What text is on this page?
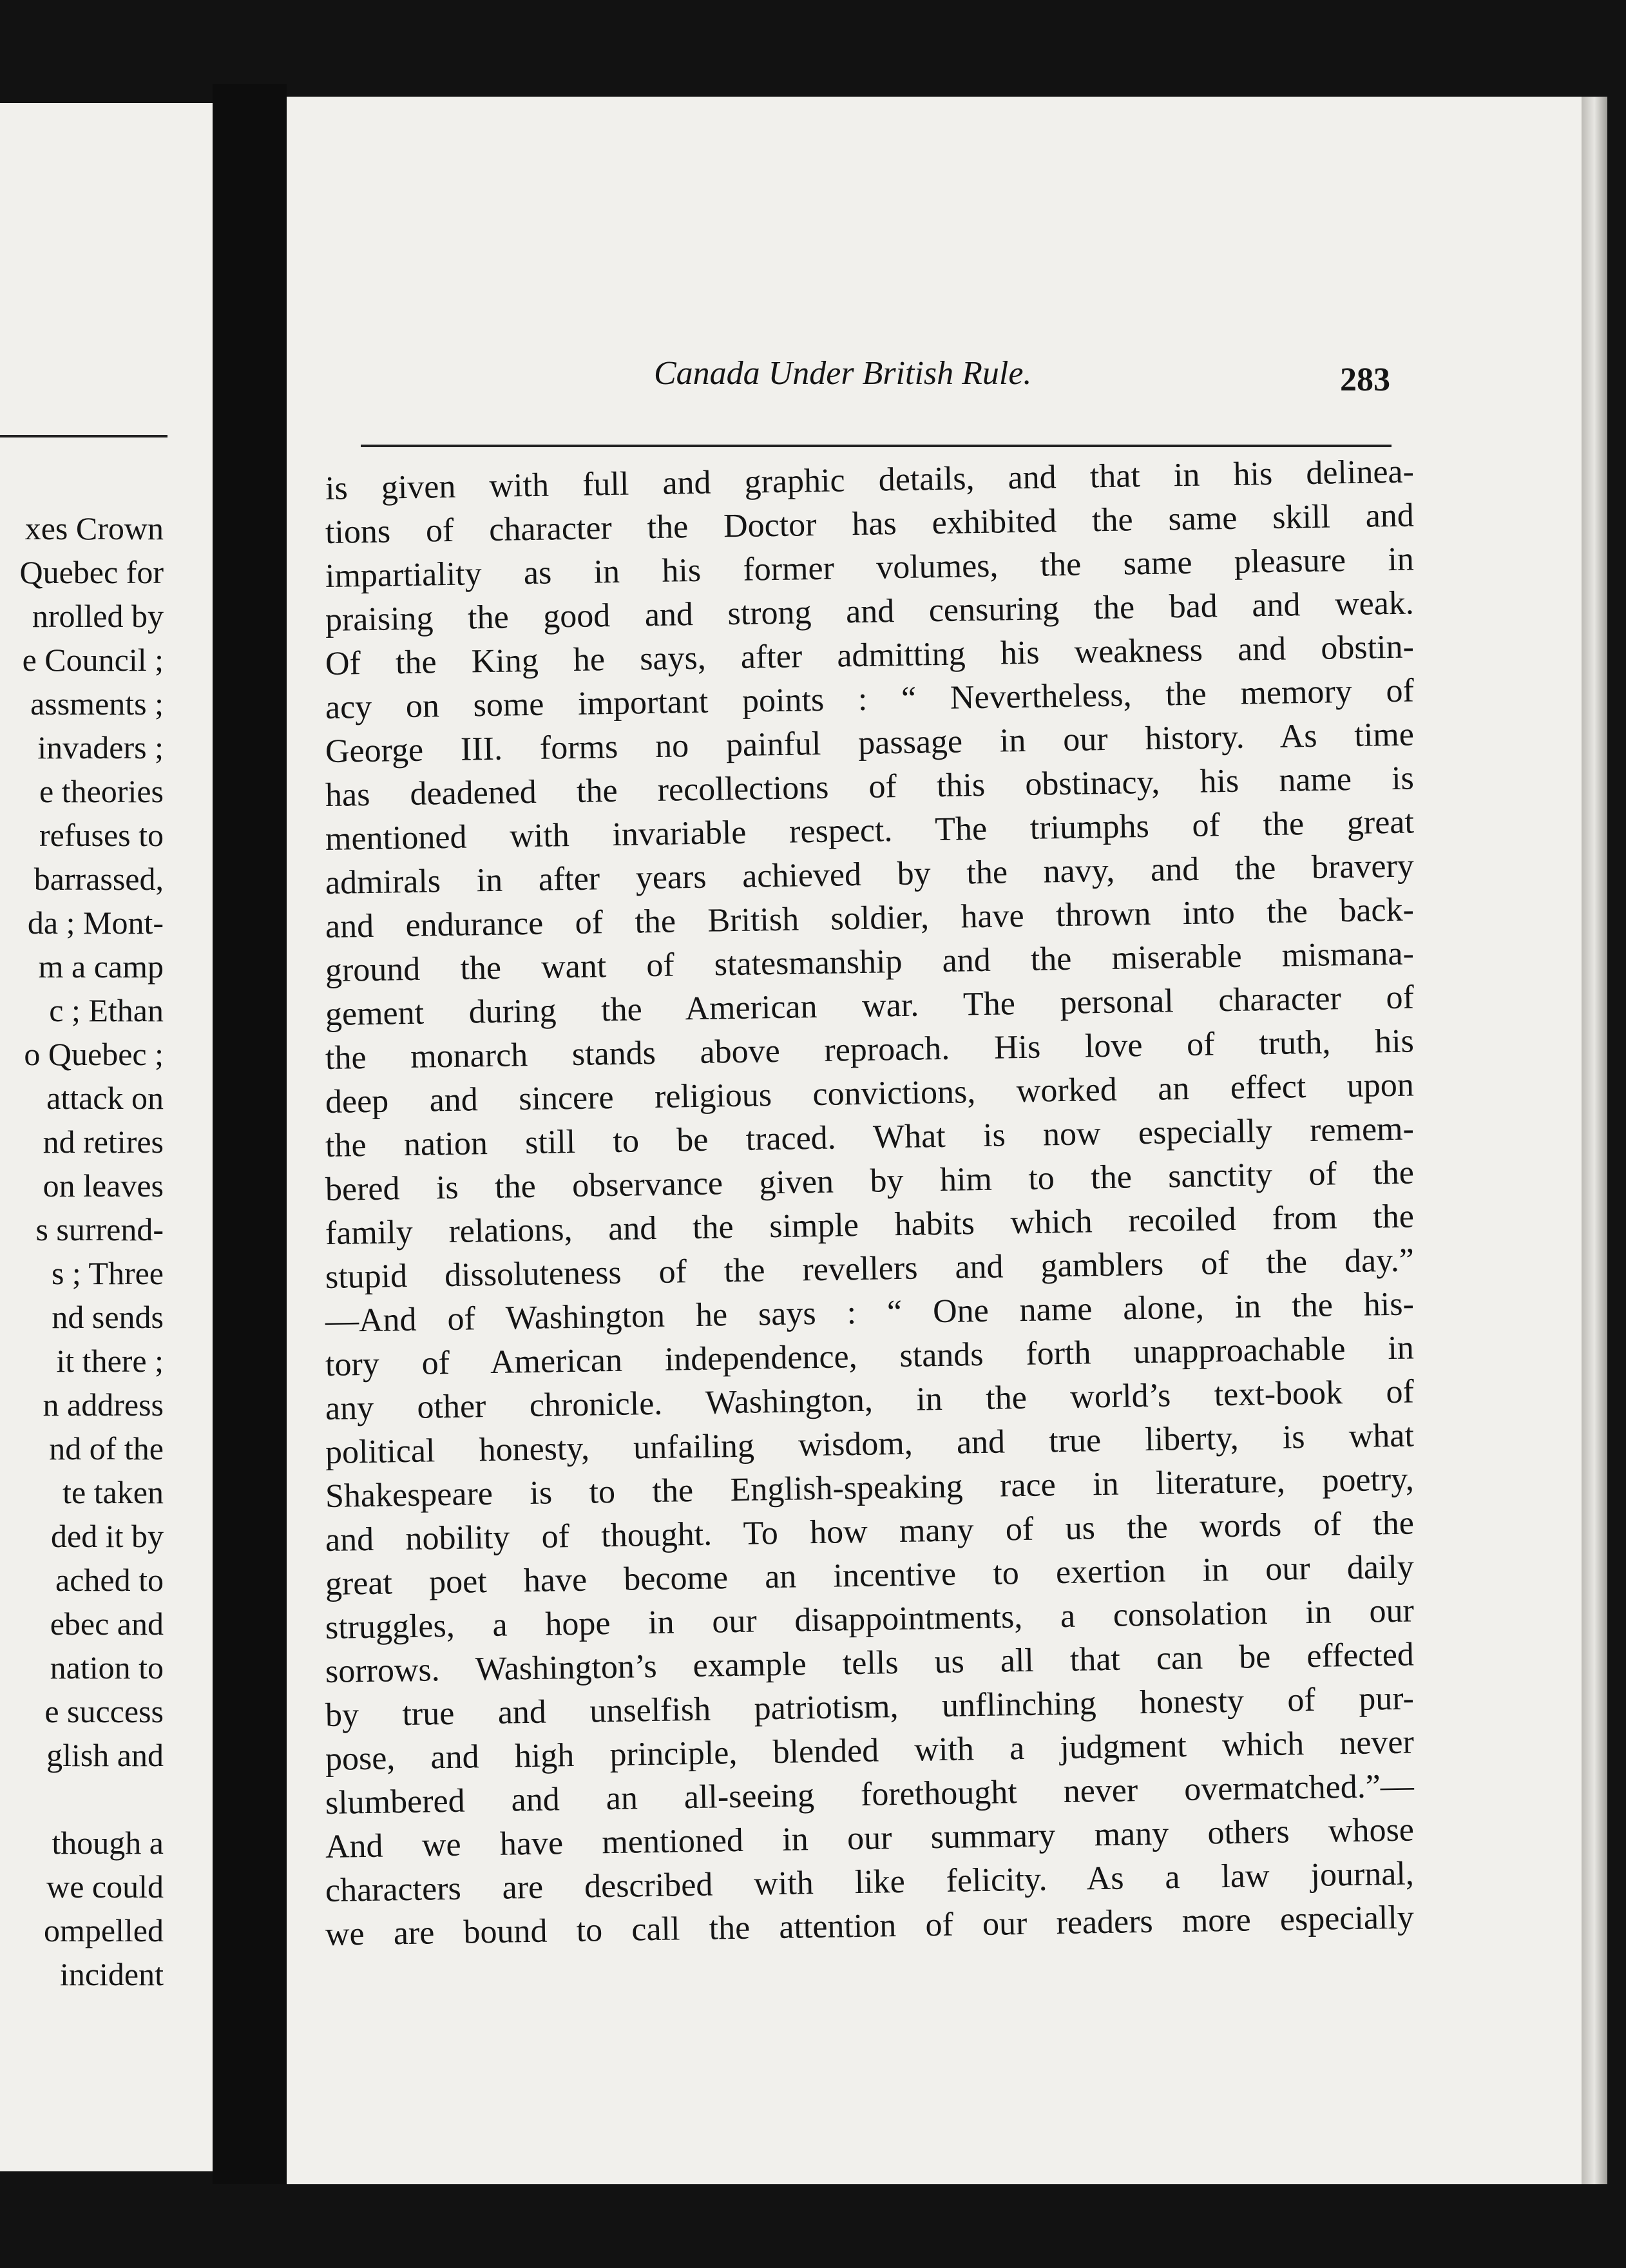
xes Crown
Quebec for
nrolled by
e Council ;
assments ;
invaders ;
e theories
refuses to
barrassed,
da ; Mont-
m a camp
c ; Ethan
o Quebec ;
attack on
nd retires
on leaves
s surrend-
s ; Three
nd sends
it there ;
n address
nd of the
te taken
ded it by
ached to
ebec and
nation to
e success
glish and
though a
we could
ompelled
incident
Canada Under British Rule.	283
is given with full and graphic details, and that in his delinea-
tions of character the Doctor has exhibited the same skill and
impartiality as in his former volumes, the same pleasure in
praising the good and strong and censuring the bad and weak.
Of the King he says, after admitting his weakness and obstin-
acy on some important points : “ Nevertheless, the memory of
George III. forms no painful passage in our history. As time
has deadened the recollections of this obstinacy, his name is
mentioned with invariable respect. The triumphs of the great
admirals in after years achieved by the navy, and the bravery
and endurance of the British soldier, have thrown into the back-
ground the want of statesmanship and the miserable mismana-
gement during the American war. The personal character of
the monarch stands above reproach. His love of truth, his
deep and sincere religious convictions, worked an effect upon
the nation still to be traced. What is now especially remem-
bered is the observance given by him to the sanctity of the
family relations, and the simple habits which recoiled from the
stupid dissoluteness of the revellers and gamblers of the day.”
—And of Washington he says : “ One name alone, in the his-
tory of American independence, stands forth unapproachable in
any other chronicle. Washington, in the world’s text-book of
political honesty, unfailing wisdom, and true liberty, is what
Shakespeare is to the English-speaking race in literature, poetry,
and nobility of thought. To how many of us the words of the
great poet have become an incentive to exertion in our daily
struggles, a hope in our disappointments, a consolation in our
sorrows. Washington’s example tells us all that can be effected
by true and unselfish patriotism, unflinching honesty of pur-
pose, and high principle, blended with a judgment which never
slumbered and an all-seeing forethought never overmatched.”—
And we have mentioned in our summary many others whose
characters are described with like felicity. As a law journal,
we are bound to call the attention of our readers more especially
